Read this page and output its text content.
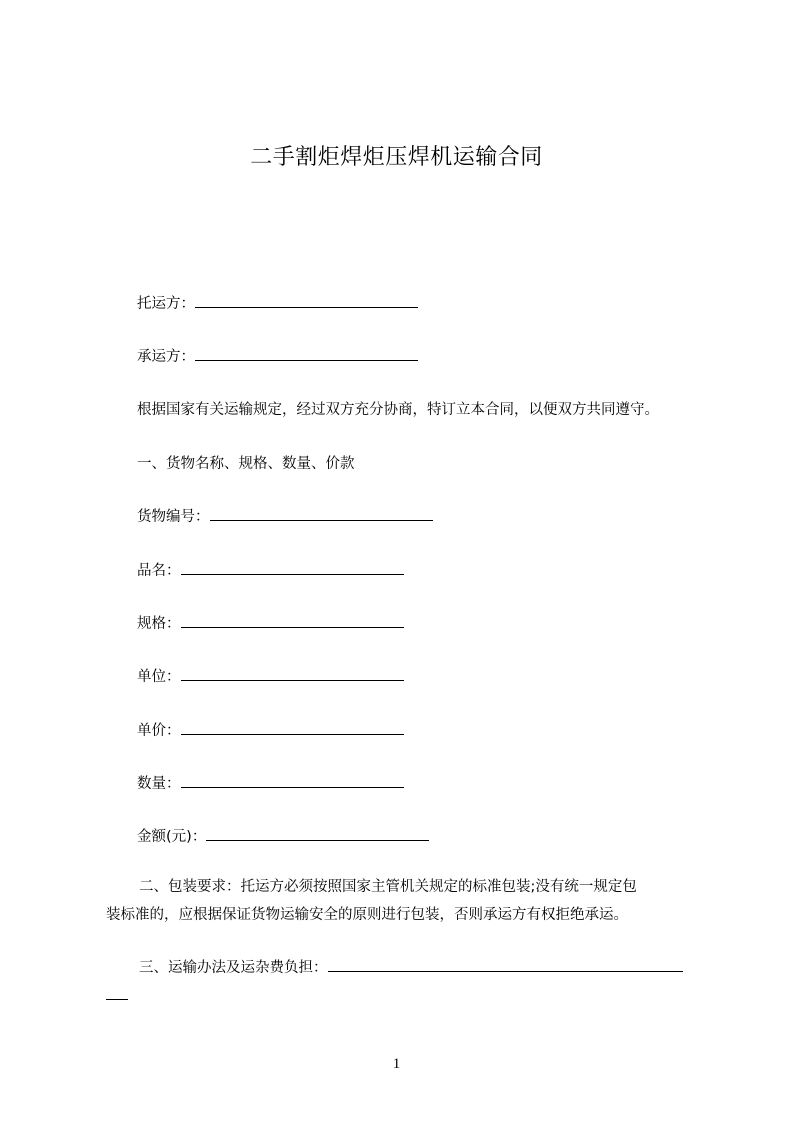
二手割炬焊炬压焊机运输合同
托运方：
承运方：
根据国家有关运输规定，经过双方充分协商，特订立本合同，以便双方共同遵守。
一、货物名称、规格、数量、价款
货物编号：
品名：
规格：
单位：
单价：
数量：
金额(元)：
二、包装要求：托运方必须按照国家主管机关规定的标准包装;没有统一规定包
装标准的，应根据保证货物运输安全的原则进行包装，否则承运方有权拒绝承运。
三、运输办法及运杂费负担：
1
